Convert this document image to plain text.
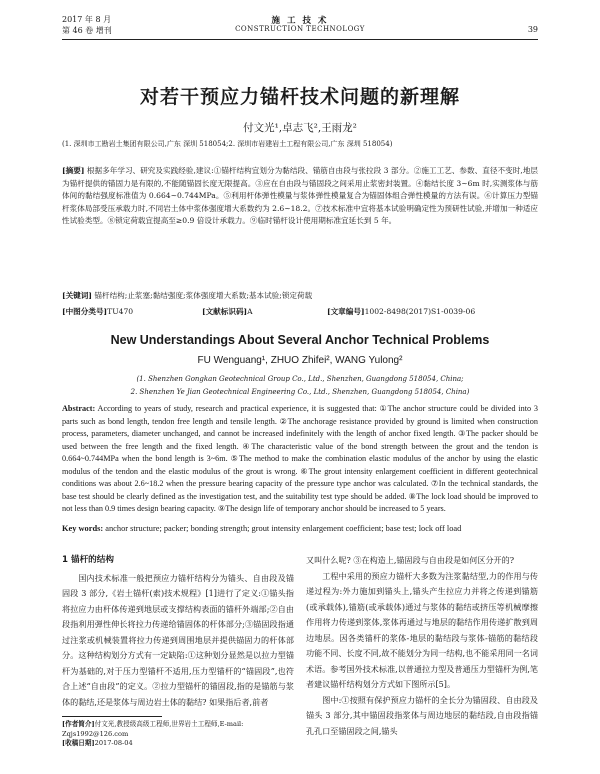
2017 年 8 月
第 46 卷 增刊
施 工 技 术
CONSTRUCTION TECHNOLOGY	39
对若干预应力锚杆技术问题的新理解
付文光¹,卓志飞²,王雨龙²
(1. 深圳市工勘岩土集团有限公司,广东 深圳 518054;2. 深圳市岩建岩土工程有限公司,广东 深圳 518054)
[摘要] 根据多年学习、研究及实践经验,建议:①锚杆结构宜划分为黏结段、锚筋自由段与张拉段 3 部分。②施工工艺、参数、直径不变时,地层为锚杆提供的锚固力是有限的,不能随锚固长度无限提高。③应在自由段与锚固段之间采用止浆密封装置。④黏结长度 3~6m 时,实测浆体与筋体间的黏结强度标准值为 0.664~0.744MPa。⑤利用杆体弹性模量与浆体弹性模量复合为锚固体组合弹性模量的方法有误。⑥计算压力型锚杆浆体局部受压承载力时,不同岩土体中浆体强度增大系数约为 2.6~18.2。⑦技术标准中宜将基本试验明确定性为预研性试验,并增加一种适应性试验类型。⑧锁定荷载宜提高至≥0.9 倍设计承载力。⑨临时锚杆设计使用期标准宜延长到 5 年。
[关键词] 锚杆结构;止浆塞;黏结强度;浆体强度增大系数;基本试验;锁定荷载
[中图分类号]TU470	[文献标识码]A	[文章编号]1002-8498(2017)S1-0039-06
New Understandings About Several Anchor Technical Problems
FU Wenguang¹, ZHUO Zhifei², WANG Yulong²
(1. Shenzhen Gongkan Geotechnical Group Co., Ltd., Shenzhen, Guangdong 518054, China;
2. Shenzhen Ye Jian Geotechnical Engineering Co., Ltd., Shenzhen, Guangdong 518054, China)
Abstract: According to years of study, research and practical experience, it is suggested that: ①The anchor structure could be divided into 3 parts such as bond length, tendon free length and tensile length. ②The anchorage resistance provided by ground is limited when construction process, parameters, diameter unchanged, and cannot be increased indefinitely with the length of anchor fixed length. ③The packer should be used between the free length and the fixed length. ④The characteristic value of the bond strength between the grout and the tendon is 0.664~0.744MPa when the bond length is 3~6m. ⑤The method to make the combination elastic modulus of the anchor by using the elastic modulus of the tendon and the elastic modulus of the grout is wrong. ⑥The grout intensity enlargement coefficient in different geotechnical conditions was about 2.6~18.2 when the pressure bearing capacity of the pressure type anchor was calculated. ⑦In the technical standards, the base test should be clearly defined as the investigation test, and the suitability test type should be added. ⑧The lock load should be improved to not less than 0.9 times design bearing capacity. ⑨The design life of temporary anchor should be increased to 5 years.
Key words: anchor structure; packer; bonding strength; grout intensity enlargement coefficient; base test; lock off load
1 锚杆的结构

国内技术标准一般把预应力锚杆结构分为锚头、自由段及锚固段 3 部分,《岩土锚杆(索)技术规程》[1]进行了定义:①锚头指将拉应力由杆体传递到地层或支撑结构表面的锚杆外端部;②自由段指利用弹性伸长将拉力传递给锚固体的杆体部分;③锚固段指通过注浆或机械装置将拉力传递到周围地层并提供锚固力的杆体部分。这种结构划分方式有一定缺陷:①这种划分显然是以拉力型锚杆为基础的,对于压力型锚杆不适用,压力型锚杆的“锚固段”,也符合上述“自由段”的定义。②拉力型锚杆的锚固段,指的是锚筋与浆体的黏结,还是浆体与周边岩土体的黏结? 如果指后者,前者

又叫什么呢? ③在构造上,锚固段与自由段是如何区分开的?

工程中采用的预应力锚杆大多数为注浆黏结型,力的作用与传递过程为:外力施加到锚头上,锚头产生拉应力并将之传递到锚筋(或承载体),锚筋(或承载体)通过与浆体的黏结或挤压等机械摩擦作用将力传递到浆体,浆体再通过与地层的黏结作用传递扩散到周边地层。因各类锚杆的浆体-地层的黏结段与浆体-锚筋的黏结段功能不同、长度不同,故不能划分为同一结构,也不能采用同一名词术语。参考国外技术标准,以普通拉力型及普通压力型锚杆为例,笔者建议锚杆结构划分方式如下图所示[5]。

图中:①按照有保护预应力锚杆的全长分为锚固段、自由段及锚头 3 部分,其中锚固段指浆体与周边地层的黏结段,自由段指锚孔孔口至锚固段之间,锚头

[作者简介]付文光,教授级高级工程师,世界岩土工程师,E-mail:
Zqjs1992@126.com
[收稿日期]2017-08-04
